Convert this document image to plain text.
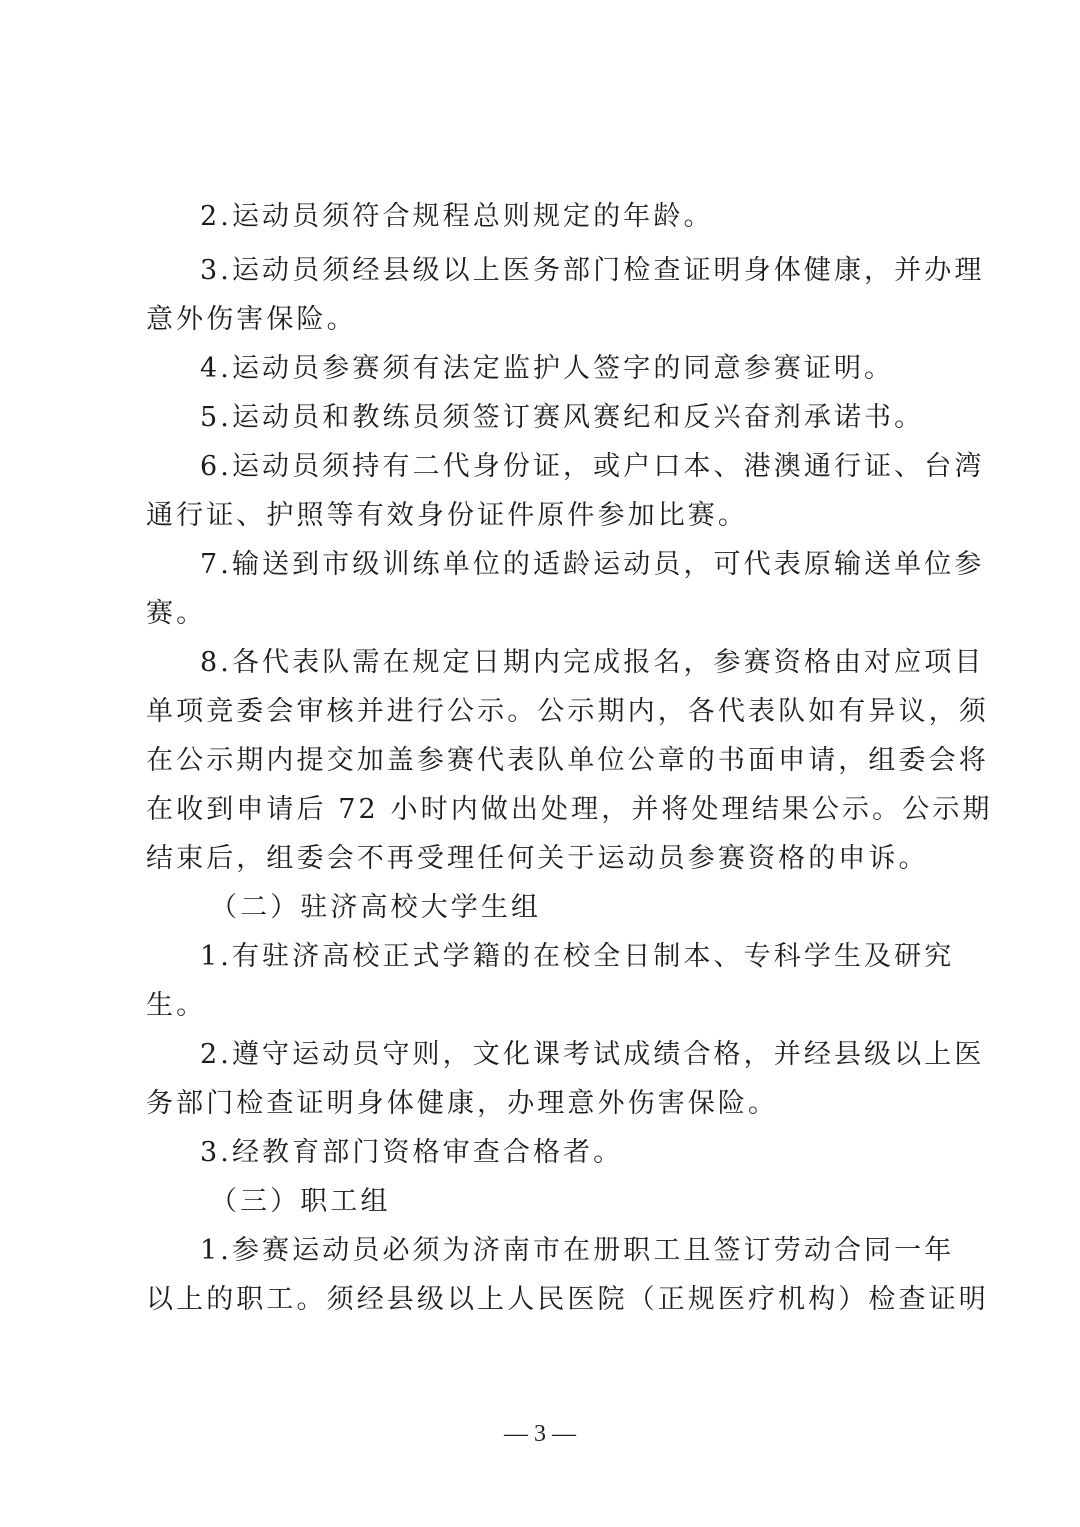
2.运动员须符合规程总则规定的年龄。
3.运动员须经县级以上医务部门检查证明身体健康，并办理
意外伤害保险。
4.运动员参赛须有法定监护人签字的同意参赛证明。
5.运动员和教练员须签订赛风赛纪和反兴奋剂承诺书。
6.运动员须持有二代身份证，或户口本、港澳通行证、台湾
通行证、护照等有效身份证件原件参加比赛。
7.输送到市级训练单位的适龄运动员，可代表原输送单位参
赛。
8.各代表队需在规定日期内完成报名，参赛资格由对应项目
单项竞委会审核并进行公示。公示期内，各代表队如有异议，须
在公示期内提交加盖参赛代表队单位公章的书面申请，组委会将
在收到申请后 72 小时内做出处理，并将处理结果公示。公示期
结束后，组委会不再受理任何关于运动员参赛资格的申诉。
（二）驻济高校大学生组
1.有驻济高校正式学籍的在校全日制本、专科学生及研究
生。
2.遵守运动员守则，文化课考试成绩合格，并经县级以上医
务部门检查证明身体健康，办理意外伤害保险。
3.经教育部门资格审查合格者。
（三）职工组
1.参赛运动员必须为济南市在册职工且签订劳动合同一年
以上的职工。须经县级以上人民医院（正规医疗机构）检查证明
— 3 —
